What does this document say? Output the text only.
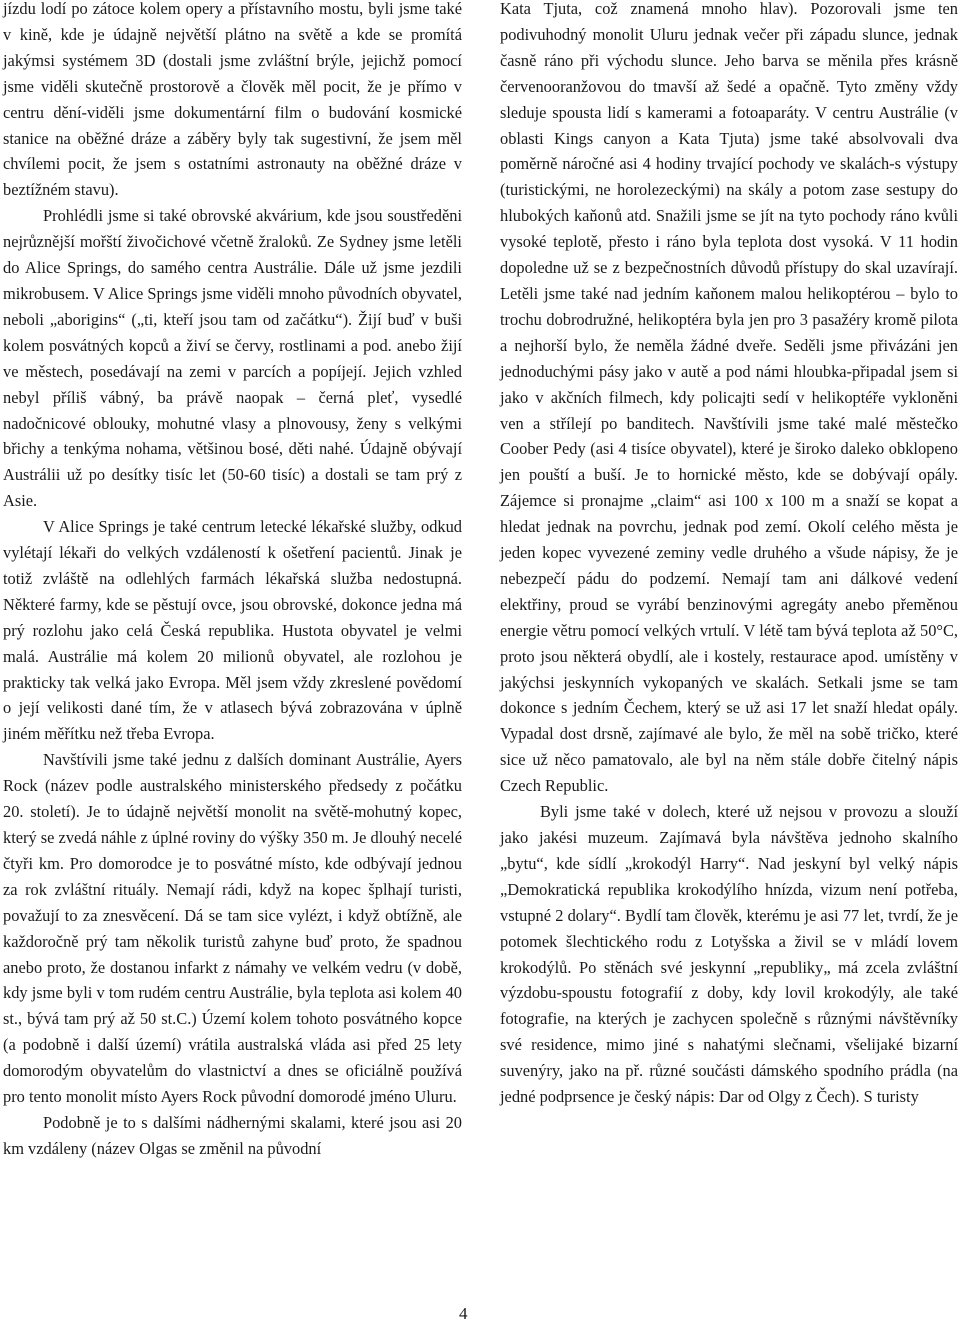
jízdu lodí po zátoce kolem opery a přístavního mostu, byli jsme také v kině, kde je údajně největší plátno na světě a kde se promítá jakýmsi systémem 3D (dostali jsme zvláštní brýle, jejichž pomocí jsme viděli skutečně prostorově a člověk měl pocit, že je přímo v centru dění-viděli jsme dokumentární film o budování kosmické stanice na oběžné dráze a záběry byly tak sugestivní, že jsem měl chvílemi pocit, že jsem s ostatními astronauty na oběžné dráze v beztížném stavu).

Prohlédli jsme si také obrovské akvárium, kde jsou soustředěni nejrůznější mořští živočichové včetně žraloků. Ze Sydney jsme letěli do Alice Springs, do samého centra Austrálie. Dále už jsme jezdili mikrobusem. V Alice Springs jsme viděli mnoho původních obyvatel, neboli „aborigins“ („ti, kteří jsou tam od začátku“). Žijí buď v buši kolem posvátných kopců a živí se červy, rostlinami a pod. anebo žijí ve městech, posedávají na zemi v parcích a popíjejí. Jejich vzhled nebyl příliš vábný, ba právě naopak – černá pleť, vysedlé nadočnicové oblouky, mohutné vlasy a plnovousy, ženy s velkými břichy a tenkýma nohama, většinou bosé, děti nahé. Údajně obývají Austrálii už po desítky tisíc let (50-60 tisíc) a dostali se tam prý z Asie.

V Alice Springs je také centrum letecké lékařské služby, odkud vylétají lékaři do velkých vzdáleností k ošetření pacientů. Jinak je totiž zvláště na odlehlých farmách lékařská služba nedostupná. Některé farmy, kde se pěstují ovce, jsou obrovské, dokonce jedna má prý rozlohu jako celá Česká republika. Hustota obyvatel je velmi malá. Austrálie má kolem 20 milionů obyvatel, ale rozlohou je prakticky tak velká jako Evropa. Měl jsem vždy zkreslené povědomí o její velikosti dané tím, že v atlasech bývá zobrazována v úplně jiném měřítku než třeba Evropa.

Navštívili jsme také jednu z dalších dominant Austrálie, Ayers Rock (název podle australského ministerského předsedy z počátku 20. století). Je to údajně největší monolit na světě-mohutný kopec, který se zvedá náhle z úplné roviny do výšky 350 m. Je dlouhý necelé čtyři km. Pro domorodce je to posvátné místo, kde odbývají jednou za rok zvláštní rituály. Nemají rádi, když na kopec šplhají turisti, považují to za znesvěcení. Dá se tam sice vylézt, i když obtížně, ale každoročně prý tam několik turistů zahyne buď proto, že spadnou anebo proto, že dostanou infarkt z námahy ve velkém vedru (v době, kdy jsme byli v tom rudém centru Austrálie, byla teplota asi kolem 40 st., bývá tam prý až 50 st.C.) Území kolem tohoto posvátného kopce (a podobně i další území) vrátila australská vláda asi před 25 lety domorodým obyvatelům do vlastnictví a dnes se oficiálně používá pro tento monolit místo Ayers Rock původní domorodé jméno Uluru.

Podobně je to s dalšími nádhernými skalami, které jsou asi 20 km vzdáleny (název Olgas se změnil na původní

Kata Tjuta, což znamená mnoho hlav). Pozorovali jsme ten podivuhodný monolit Uluru jednak večer při západu slunce, jednak časně ráno při východu slunce. Jeho barva se měnila přes krásně červenooranžovou do tmavší až šedé a opačně. Tyto změny vždy sleduje spousta lidí s kamerami a fotoaparáty. V centru Austrálie (v oblasti Kings canyon a Kata Tjuta) jsme také absolvovali dva poměrně náročné asi 4 hodiny trvající pochody ve skalách-s výstupy (turistickými, ne horolezeckými) na skály a potom zase sestupy do hlubokých kaňonů atd. Snažili jsme se jít na tyto pochody ráno kvůli vysoké teplotě, přesto i ráno byla teplota dost vysoká. V 11 hodin dopoledne už se z bezpečnostních důvodů přístupy do skal uzavírají. Letěli jsme také nad jedním kaňonem malou helikoptérou – bylo to trochu dobrodružné, helikoptéra byla jen pro 3 pasažéry kromě pilota a nejhorší bylo, že neměla žádné dveře. Seděli jsme přivázáni jen jednoduchými pásy jako v autě a pod námi hloubka-připadal jsem si jako v akčních filmech, kdy policajti sedí v helikoptéře vykloněni ven a střílejí po banditech. Navštívili jsme také malé městečko Coober Pedy (asi 4 tisíce obyvatel), které je široko daleko obklopeno jen pouští a buší. Je to hornické město, kde se dobývají opály. Zájemce si pronajme „claim“ asi 100 x 100 m a snaží se kopat a hledat jednak na povrchu, jednak pod zemí. Okolí celého města je jeden kopec vyvezené zeminy vedle druhého a všude nápisy, že je nebezpečí pádu do podzemí. Nemají tam ani dálkové vedení elektřiny, proud se vyrábí benzinovými agregáty anebo přeměnou energie větru pomocí velkých vrtulí. V létě tam bývá teplota až 50°C, proto jsou některá obydlí, ale i kostely, restaurace apod. umístěny v jakýchsi jeskynních vykopaných ve skalách. Setkali jsme se tam dokonce s jedním Čechem, který se už asi 17 let snaží hledat opály. Vypadal dost drsně, zajímavé ale bylo, že měl na sobě tričko, které sice už něco pamatovalo, ale byl na něm stále dobře čitelný nápis Czech Republic.

Byli jsme také v dolech, které už nejsou v provozu a slouží jako jakési muzeum. Zajímavá byla návštěva jednoho skalního „bytu“, kde sídlí „krokodýl Harry“. Nad jeskyní byl velký nápis „Demokratická republika krokodýlího hnízda, vizum není potřeba, vstupné 2 dolary“. Bydlí tam člověk, kterému je asi 77 let, tvrdí, že je potomek šlechtického rodu z Lotyšska a živil se v mládí lovem krokodýlů. Po stěnách své jeskynní „republiky„ má zcela zvláštní výzdobu-spoustu fotografií z doby, kdy lovil krokodýly, ale také fotografie, na kterých je zachycen společně s různými návštěvníky své residence, mimo jiné s nahatými slečnami, všelijaké bizarní suvenýry, jako na př. různé součásti dámského spodního prádla (na jedné podprsence je český nápis: Dar od Olgy z Čech). S turisty

4
